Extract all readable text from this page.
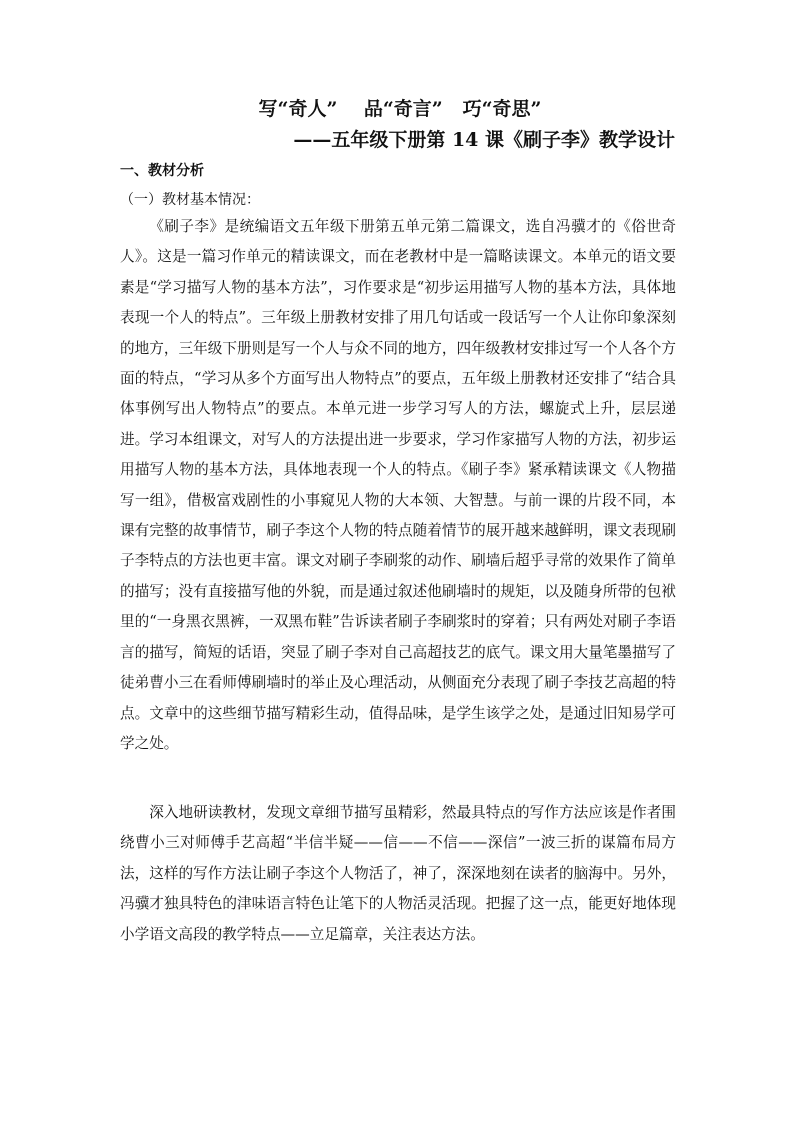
写“奇人”    品“奇言”   巧“奇思”
——五年级下册第 14 课《刷子李》教学设计
一、教材分析
（一）教材基本情况：

《刷子李》是统编语文五年级下册第五单元第二篇课文，选自冯骥才的《俗世奇人》。这是一篇习作单元的精读课文，而在老教材中是一篇略读课文。本单元的语文要素是“学习描写人物的基本方法”，习作要求是“初步运用描写人物的基本方法，具体地表现一个人的特点”。三年级上册教材安排了用几句话或一段话写一个人让你印象深刻的地方，三年级下册则是写一个人与众不同的地方，四年级教材安排过写一个人各个方面的特点，“学习从多个方面写出人物特点”的要点，五年级上册教材还安排了“结合具体事例写出人物特点”的要点。本单元进一步学习写人的方法，螺旋式上升，层层递进。学习本组课文，对写人的方法提出进一步要求，学习作家描写人物的方法，初步运用描写人物的基本方法，具体地表现一个人的特点。《刷子李》紧承精读课文《人物描写一组》，借极富戏剧性的小事窥见人物的大本领、大智慧。与前一课的片段不同，本课有完整的故事情节，刷子李这个人物的特点随着情节的展开越来越鲜明，课文表现刷子李特点的方法也更丰富。课文对刷子李刷浆的动作、刷墙后超乎寻常的效果作了简单的描写；没有直接描写他的外貌，而是通过叙述他刷墙时的规矩，以及随身所带的包袱里的“一身黑衣黑裤，一双黑布鞋”告诉读者刷子李刷浆时的穿着；只有两处对刷子李语言的描写，简短的话语，突显了刷子李对自己高超技艺的底气。课文用大量笔墨描写了徒弟曹小三在看师傅刷墙时的举止及心理活动，从侧面充分表现了刷子李技艺高超的特点。文章中的这些细节描写精彩生动，值得品味，是学生该学之处，是通过旧知易学可学之处。

深入地研读教材，发现文章细节描写虽精彩，然最具特点的写作方法应该是作者围绕曹小三对师傅手艺高超“半信半疑——信——不信——深信”一波三折的谋篇布局方法，这样的写作方法让刷子李这个人物活了，神了，深深地刻在读者的脑海中。另外，冯骥才独具特色的津味语言特色让笔下的人物活灵活现。把握了这一点，能更好地体现小学语文高段的教学特点——立足篇章，关注表达方法。
